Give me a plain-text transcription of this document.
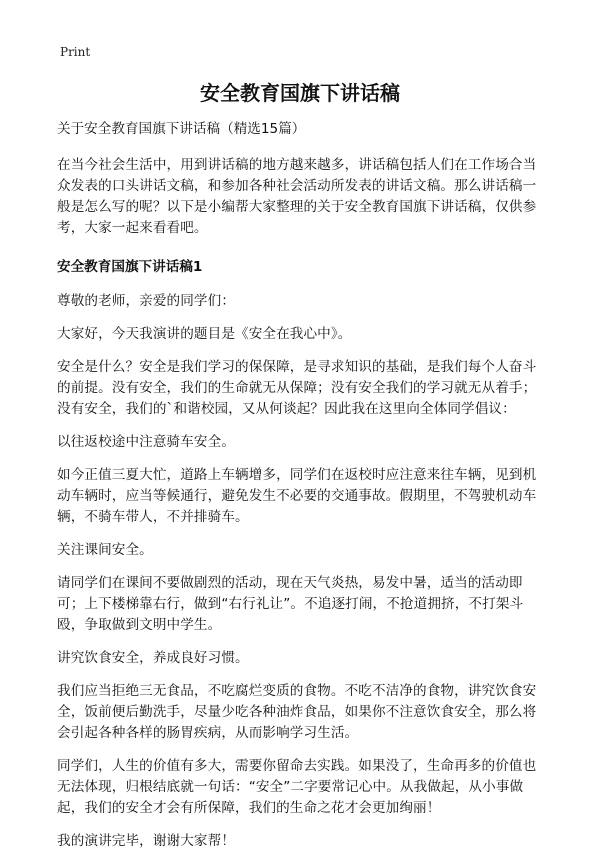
Print
安全教育国旗下讲话稿

关于安全教育国旗下讲话稿（精选15篇）

在当今社会生活中，用到讲话稿的地方越来越多，讲话稿包括人们在工作场合当众发表的口头讲话文稿，和参加各种社会活动所发表的讲话文稿。那么讲话稿一般是怎么写的呢？以下是小编帮大家整理的关于安全教育国旗下讲话稿，仅供参考，大家一起来看看吧。

安全教育国旗下讲话稿1

尊敬的老师，亲爱的同学们：

大家好，今天我演讲的题目是《安全在我心中》。

安全是什么？安全是我们学习的保保障，是寻求知识的基础，是我们每个人奋斗的前提。没有安全，我们的生命就无从保障；没有安全我们的学习就无从着手；没有安全，我们的`和谐校园，又从何谈起？因此我在这里向全体同学倡议：

以往返校途中注意骑车安全。

如今正值三夏大忙，道路上车辆增多，同学们在返校时应注意来往车辆，见到机动车辆时，应当等候通行，避免发生不必要的交通事故。假期里，不驾驶机动车辆，不骑车带人，不并排骑车。

关注课间安全。

请同学们在课间不要做剧烈的活动，现在天气炎热，易发中暑，适当的活动即可；上下楼梯靠右行，做到“右行礼让”。不追逐打闹，不抢道拥挤，不打架斗殴，争取做到文明中学生。

讲究饮食安全，养成良好习惯。

我们应当拒绝三无食品，不吃腐烂变质的食物。不吃不洁净的食物，讲究饮食安全，饭前便后勤洗手，尽量少吃各种油炸食品，如果你不注意饮食安全，那么将会引起各种各样的肠胃疾病，从而影响学习生活。

同学们，人生的价值有多大，需要你留命去实践。如果没了，生命再多的价值也无法体现，归根结底就一句话：“安全”二字要常记心中。从我做起，从小事做起，我们的安全才会有所保障，我们的生命之花才会更加绚丽！

我的演讲完毕，谢谢大家帮！
